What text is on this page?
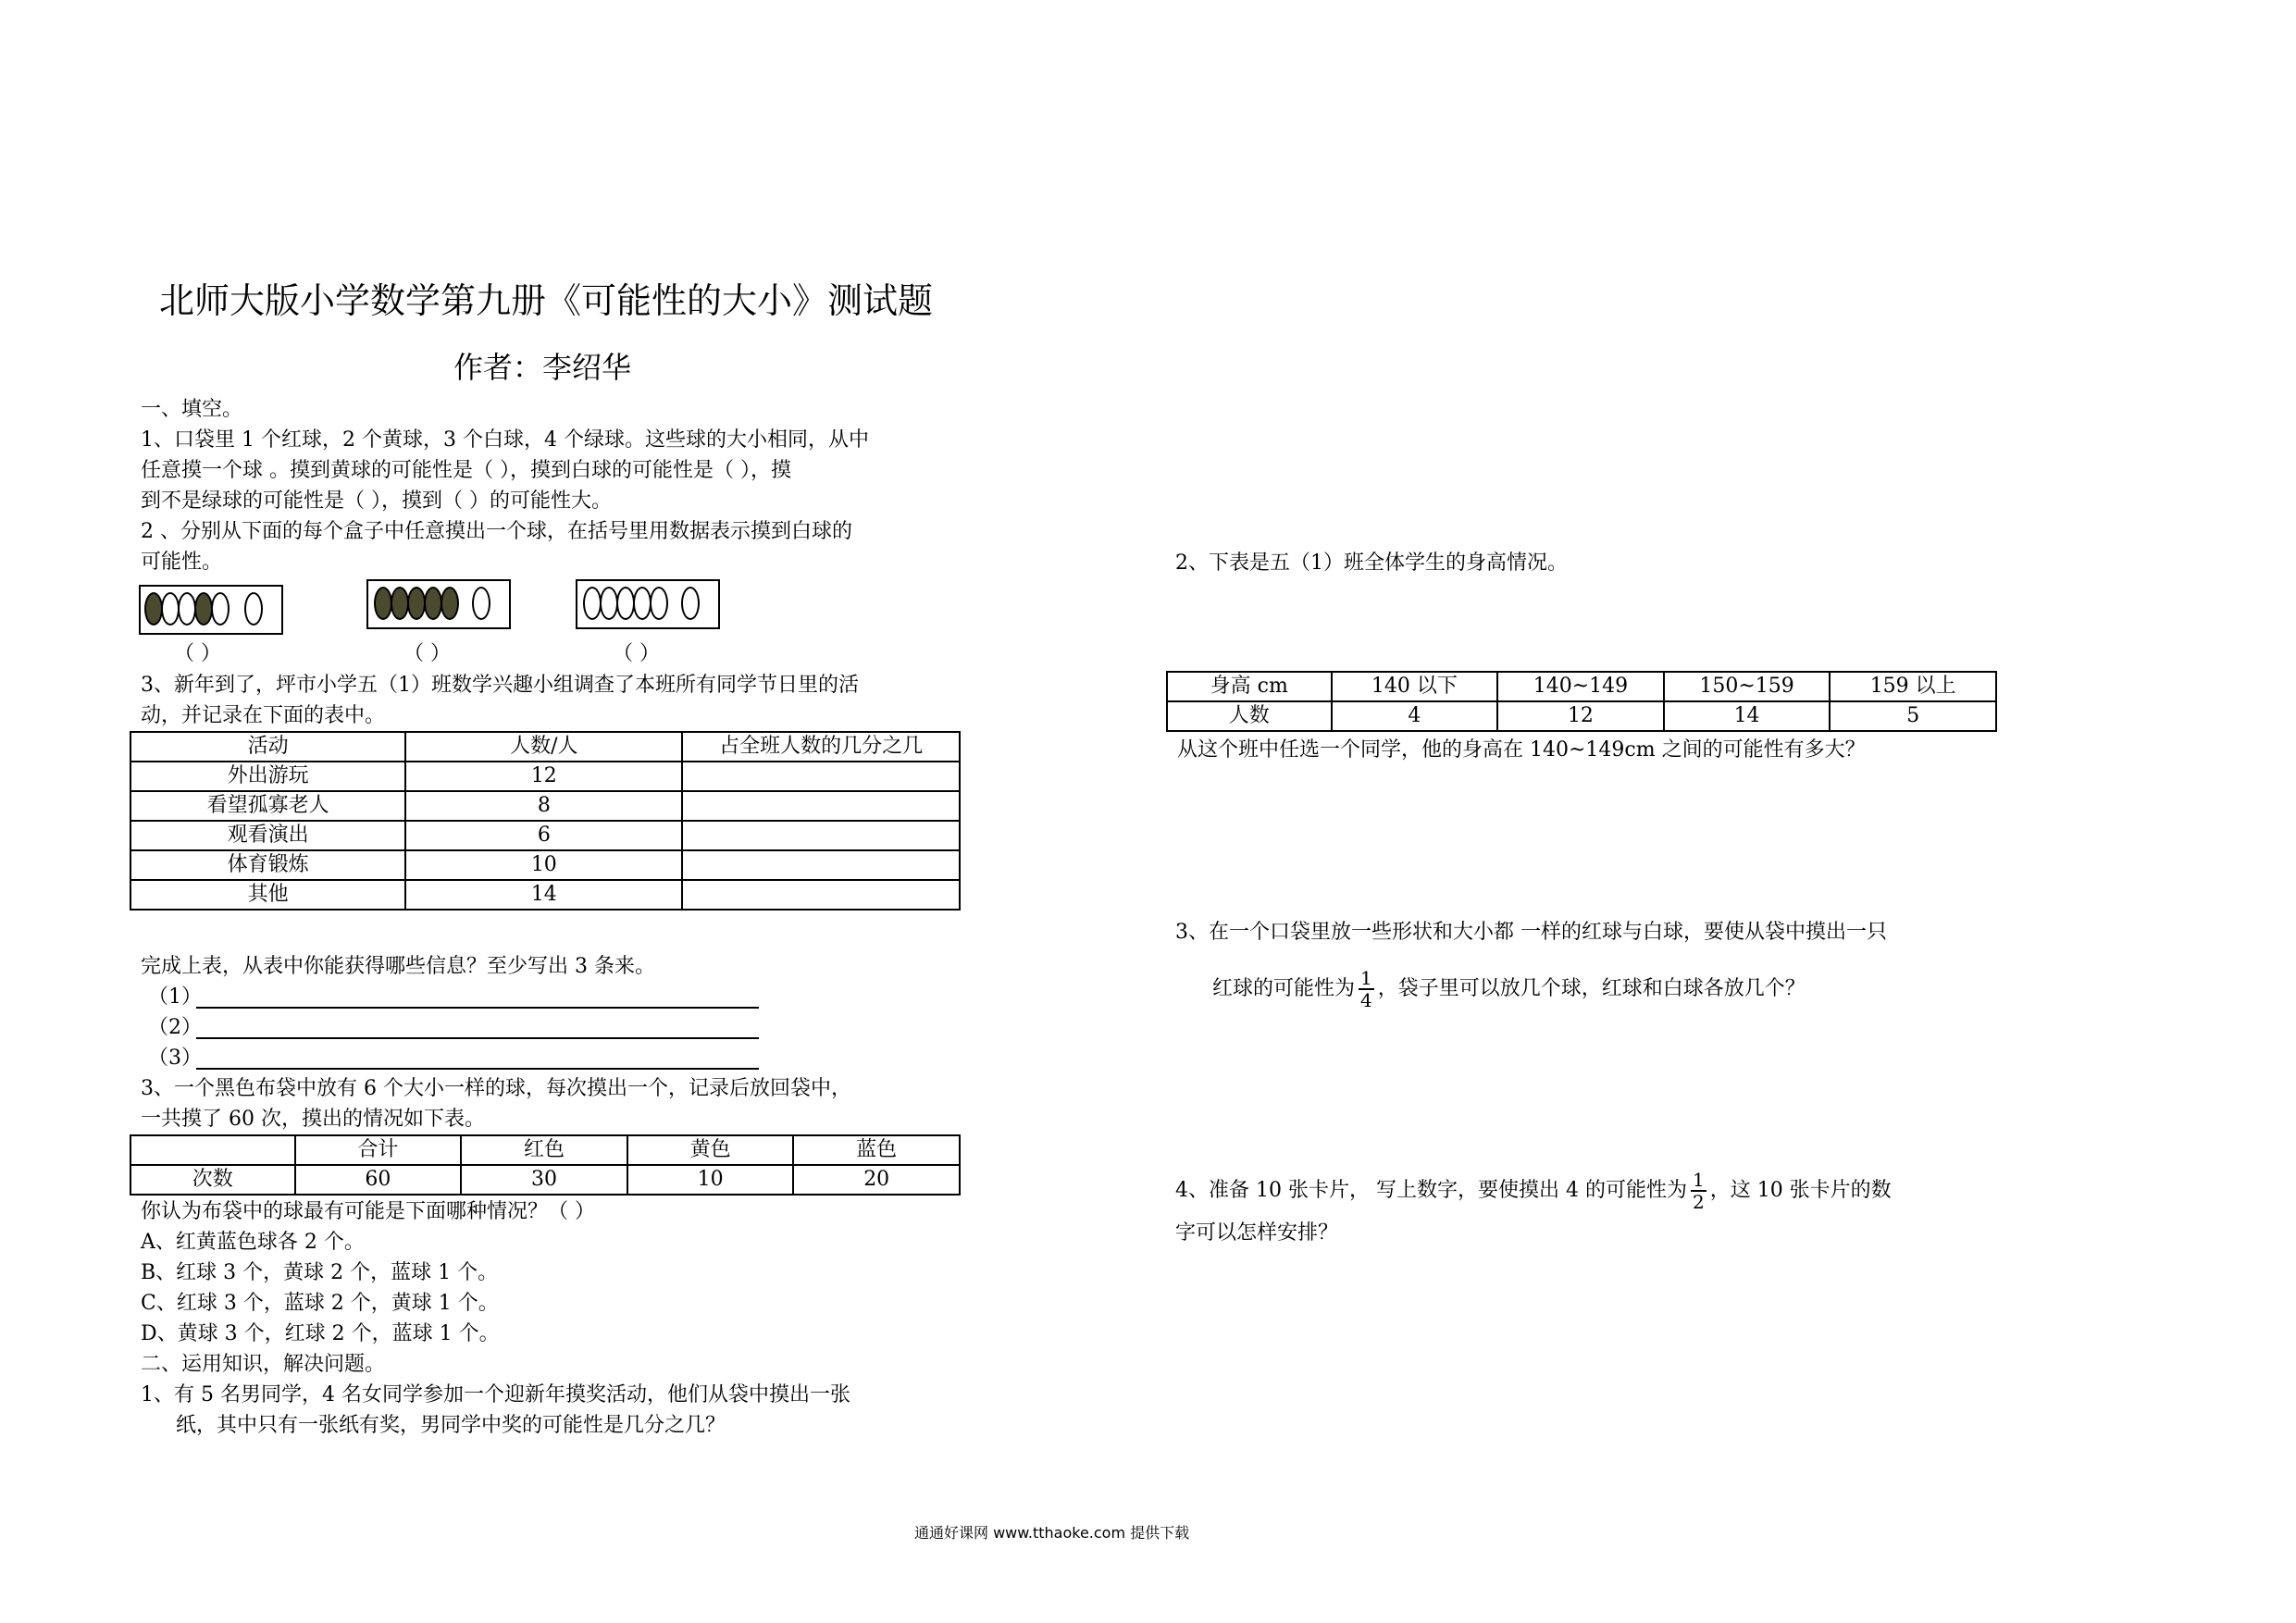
北师大版小学数学第九册《可能性的大小》测试题
作者：李绍华
一、填空。
1、口袋里 1 个红球，2 个黄球，3 个白球，4 个绿球。这些球的大小相同，从中
任意摸一个球 。摸到黄球的可能性是（ ），摸到白球的可能性是（ ），摸
到不是绿球的可能性是（ ），摸到（ ）的可能性大。
2 、分别从下面的每个盒子中任意摸出一个球，在括号里用数据表示摸到白球的
可能性。
（ ）	（ ）	（ ）
3、新年到了，坪市小学五（1）班数学兴趣小组调查了本班所有同学节日里的活
动，并记录在下面的表中。
活动	人数/人	占全班人数的几分之几
外出游玩	12	
看望孤寡老人	8	
观看演出	6	
体育锻炼	10	
其他	14	
完成上表，从表中你能获得哪些信息？至少写出 3 条来。
（1）
（2）
（3）
3、一个黑色布袋中放有 6 个大小一样的球，每次摸出一个，记录后放回袋中，
一共摸了 60 次，摸出的情况如下表。
	合计	红色	黄色	蓝色
次数	60	30	10	20
你认为布袋中的球最有可能是下面哪种情况？（ ）
A、红黄蓝色球各 2 个。
B、红球 3 个，黄球 2 个，蓝球 1 个。
C、红球 3 个，蓝球 2 个，黄球 1 个。
D、黄球 3 个，红球 2 个，蓝球 1 个。
二、运用知识，解决问题。
1、有 5 名男同学，4 名女同学参加一个迎新年摸奖活动，他们从袋中摸出一张
纸，其中只有一张纸有奖，男同学中奖的可能性是几分之几？
2、下表是五（1）班全体学生的身高情况。
身高 cm	140 以下	140~149	150~159	159 以上
人数	4	12	14	5
从这个班中任选一个同学，他的身高在 140~149cm 之间的可能性有多大？
3、在一个口袋里放一些形状和大小都 一样的红球与白球，要使从袋中摸出一只
红球的可能性为 $\frac{1}{4}$ ，袋子里可以放几个球，红球和白球各放几个？
4、准备 10 张卡片， 写上数字，要使摸出 4 的可能性为 $\frac{1}{2}$ ，这 10 张卡片的数
字可以怎样安排？
通通好课网 www.tthaoke.com 提供下载
